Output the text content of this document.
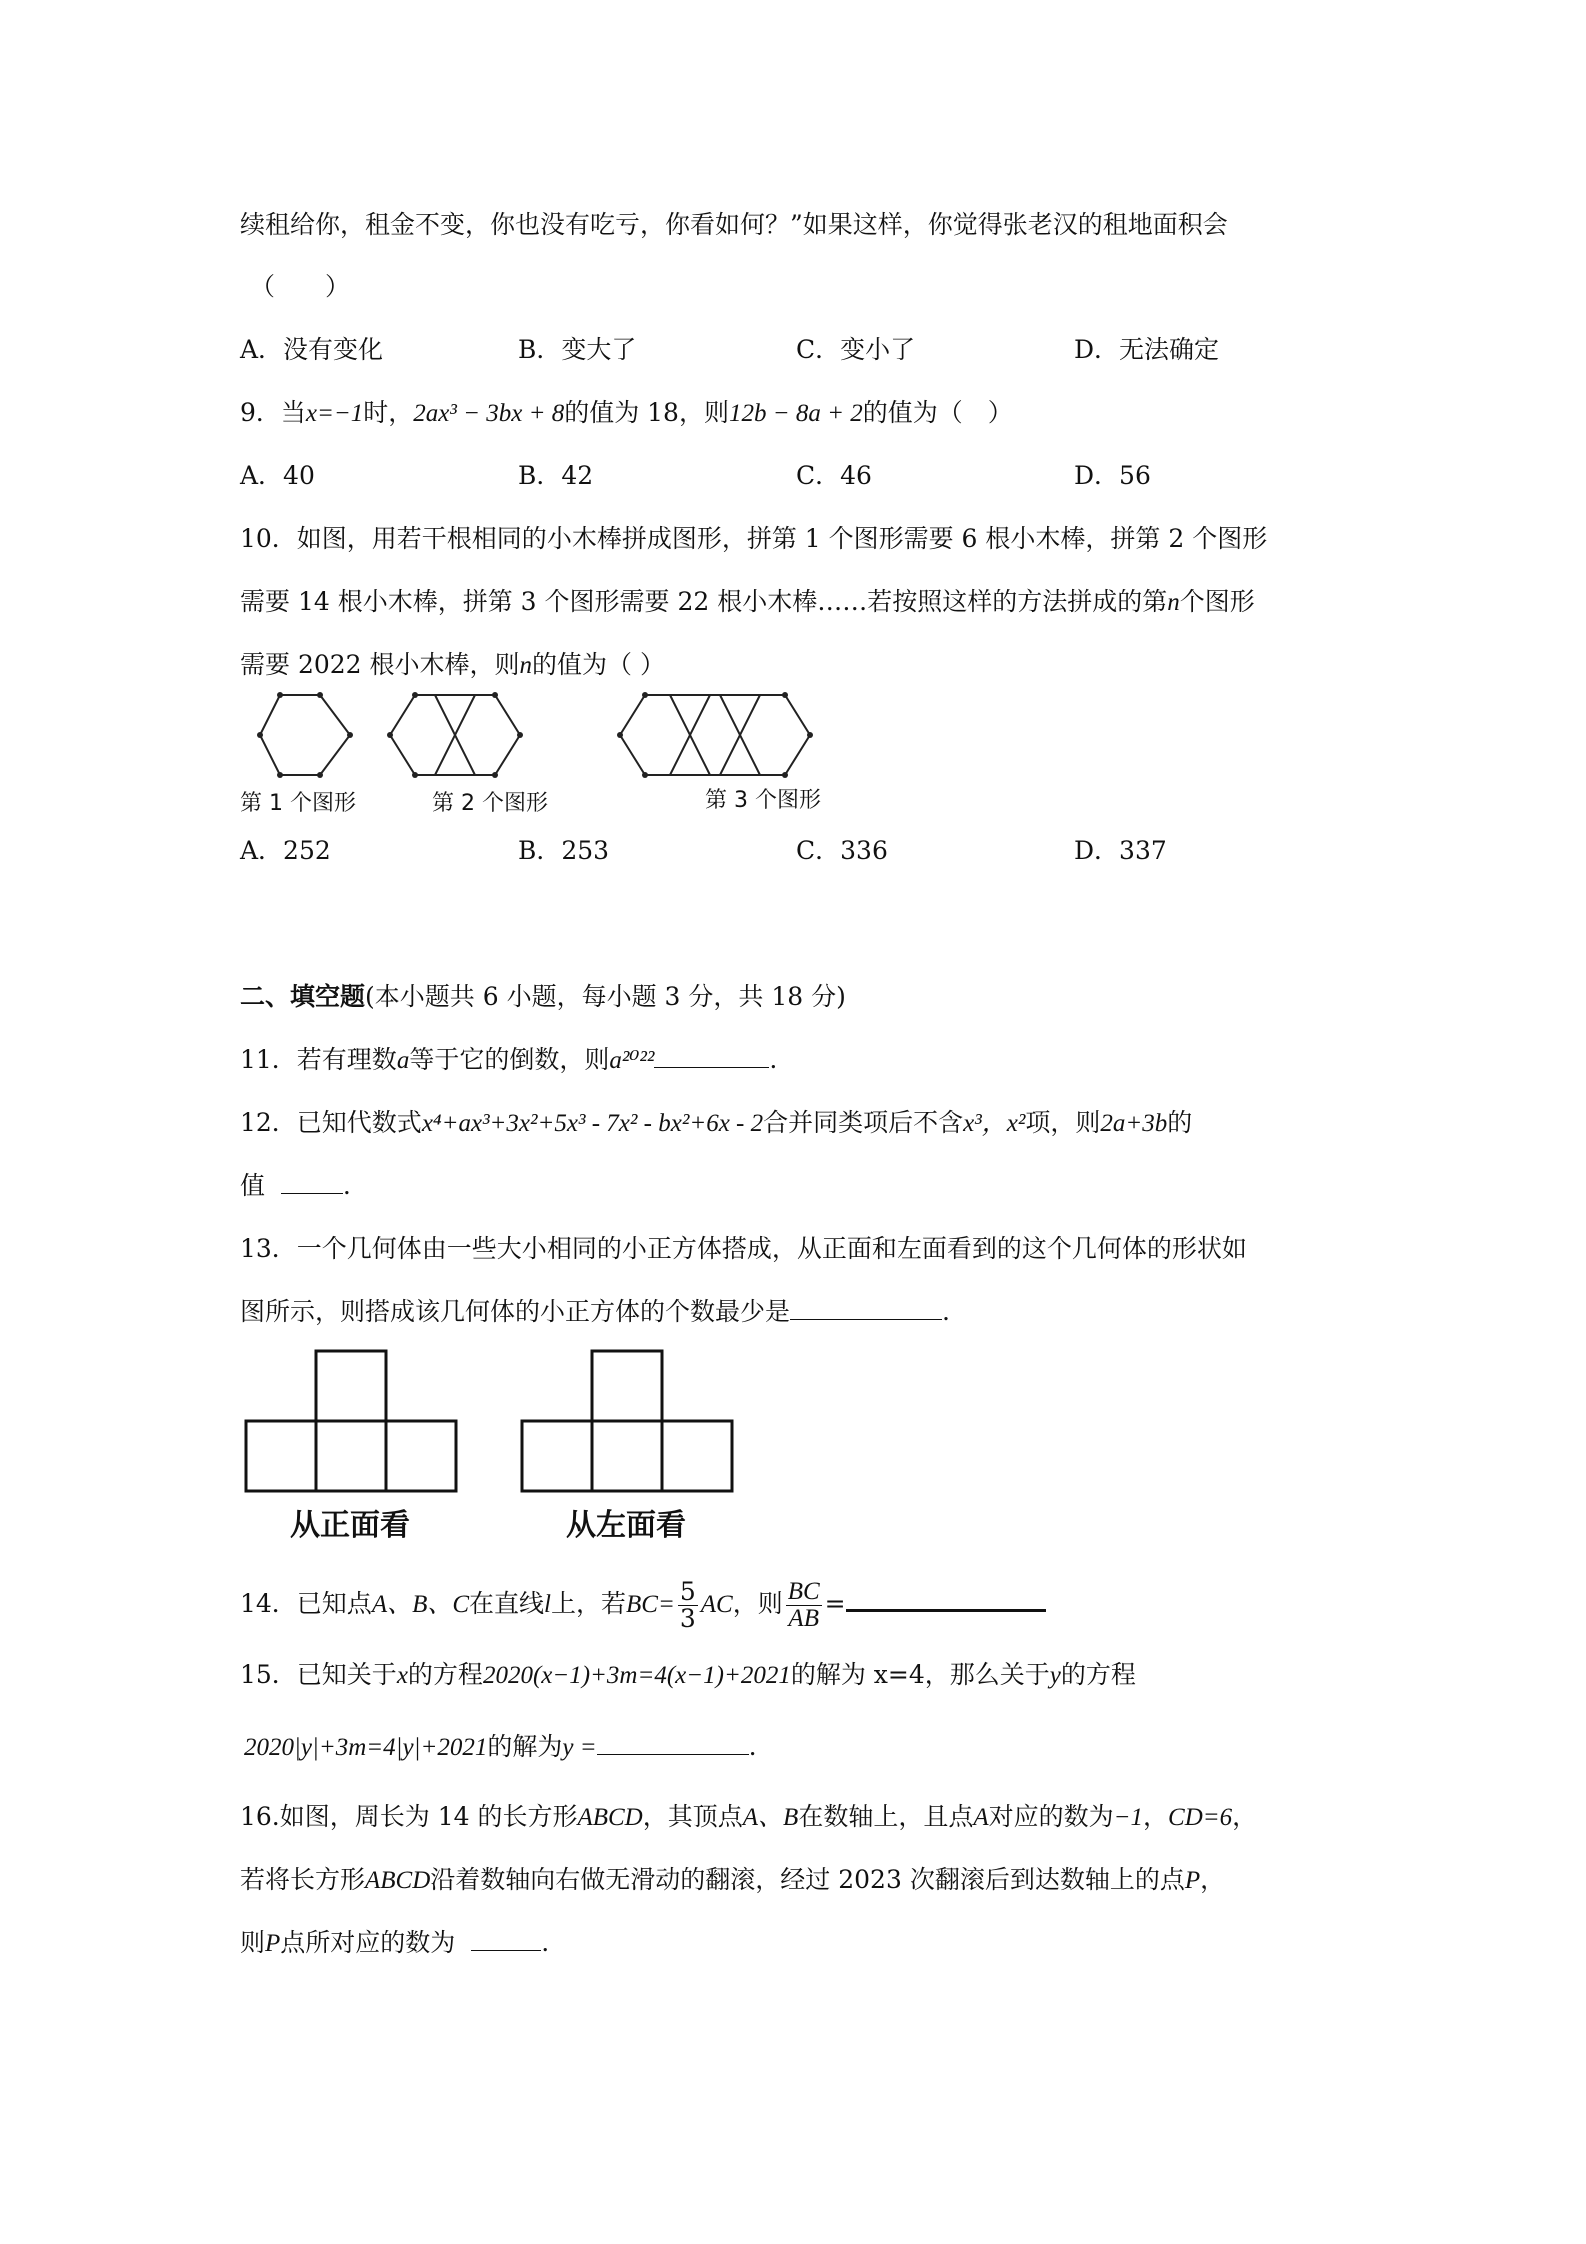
续租给你，租金不变，你也没有吃亏，你看如何？”如果这样，你觉得张老汉的租地面积会
（　　）
A．没有变化	B．变大了	C．变小了	D．无法确定
9．当x=−1时，2ax³ − 3bx + 8的值为 18，则12b − 8a + 2的值为（　）
A．40	B．42	C．46	D．56
10．如图，用若干根相同的小木棒拼成图形，拼第 1 个图形需要 6 根小木棒，拼第 2 个图形
需要 14 根小木棒，拼第 3 个图形需要 22 根小木棒……若按照这样的方法拼成的第n个图形
需要 2022 根小木棒，则n的值为（ ）
第 1 个图形	第 2 个图形	第 3 个图形
A．252	B．253	C．336	D．337
二、填空题(本小题共 6 小题，每小题 3 分，共 18 分)
11．若有理数a等于它的倒数，则a²⁰²²	.
12．已知代数式x⁴+ax³+3x²+5x³ - 7x² - bx²+6x - 2合并同类项后不含x³，x²项，则2a+3b的
值	.
13．一个几何体由一些大小相同的小正方体搭成，从正面和左面看到的这个几何体的形状如
图所示，则搭成该几何体的小正方体的个数最少是	.
从正面看	从左面看
14．已知点A、B、C在直线l上，若$BC= \frac{5}{3}$ AC，则 $\frac{BC}{AB}$ =
15．已知关于x的方程2020(x−1)+3m=4(x−1)+2021的解为 x=4，那么关于y的方程
2020|y|+3m=4|y|+2021的解为y =	.
16.如图，周长为 14 的长方形ABCD，其顶点A、B在数轴上，且点A对应的数为−1，CD=6，
若将长方形ABCD沿着数轴向右做无滑动的翻滚，经过 2023 次翻滚后到达数轴上的点P，
则P点所对应的数为	.
